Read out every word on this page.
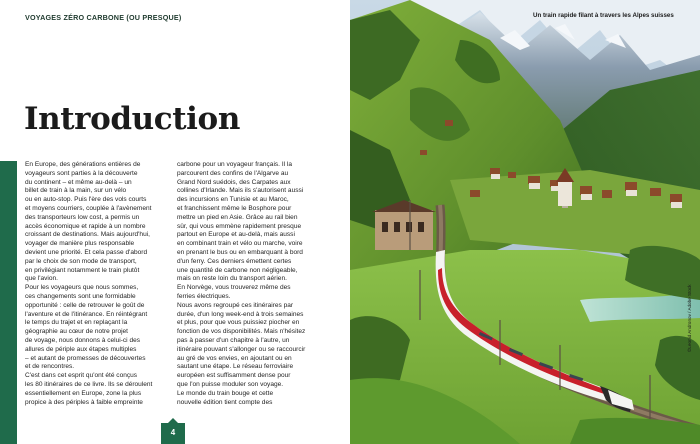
VOYAGES ZÉRO CARBONE (OU PRESQUE)
Introduction
En Europe, des générations entières de
voyageurs sont parties à la découverte
du continent – et même au-delà – un
billet de train à la main, sur un vélo
ou en auto-stop. Puis l'ère des vols courts
et moyens courriers, couplée à l'avènement
des transporteurs low cost, a permis un
accès économique et rapide à un nombre
croissant de destinations. Mais aujourd'hui,
voyager de manière plus responsable
devient une priorité. Et cela passe d'abord
par le choix de son mode de transport,
en privilégiant notamment le train plutôt
que l'avion.
Pour les voyageurs que nous sommes,
ces changements sont une formidable
opportunité : celle de retrouver le goût de
l'aventure et de l'itinérance. En réintégrant
le temps du trajet et en replaçant la
géographie au cœur de notre projet
de voyage, nous donnons à celui-ci des
allures de périple aux étapes multiples
– et autant de promesses de découvertes
et de rencontres.
C'est dans cet esprit qu'ont été conçus
les 80 itinéraires de ce livre. Ils se déroulent
essentiellement en Europe, zone la plus
propice à des périples à faible empreinte
carbone pour un voyageur français. Il la
parcourent des confins de l'Algarve au
Grand Nord suédois, des Carpates aux
collines d'Irlande. Mais ils s'autorisent aussi
des incursions en Tunisie et au Maroc,
et franchissent même le Bosphore pour
mettre un pied en Asie. Grâce au rail bien
sûr, qui vous emmène rapidement presque
partout en Europe et au-delà, mais aussi
en combinant train et vélo ou marche, voire
en prenant le bus ou en embarquant à bord
d'un ferry. Ces derniers émettent certes
une quantité de carbone non négligeable,
mais on reste loin du transport aérien.
En Norvège, vous trouverez même des
ferries électriques.
Nous avons regroupé ces itinéraires par
durée, d'un long week-end à trois semaines
et plus, pour que vous puissiez piocher en
fonction de vos disponibilités. Mais n'hésitez
pas à passer d'un chapitre à l'autre, un
itinéraire pouvant s'allonger ou se raccourcir
au gré de vos envies, en ajoutant ou en
sautant une étape. Le réseau ferroviaire
européen est suffisamment dense pour
que l'on puisse moduler son voyage.
Le monde du train bouge et cette
nouvelle édition tient compte des
4
Un train rapide filant à travers les Alpes suisses
©Leonid Andronov / Adobe Stock
